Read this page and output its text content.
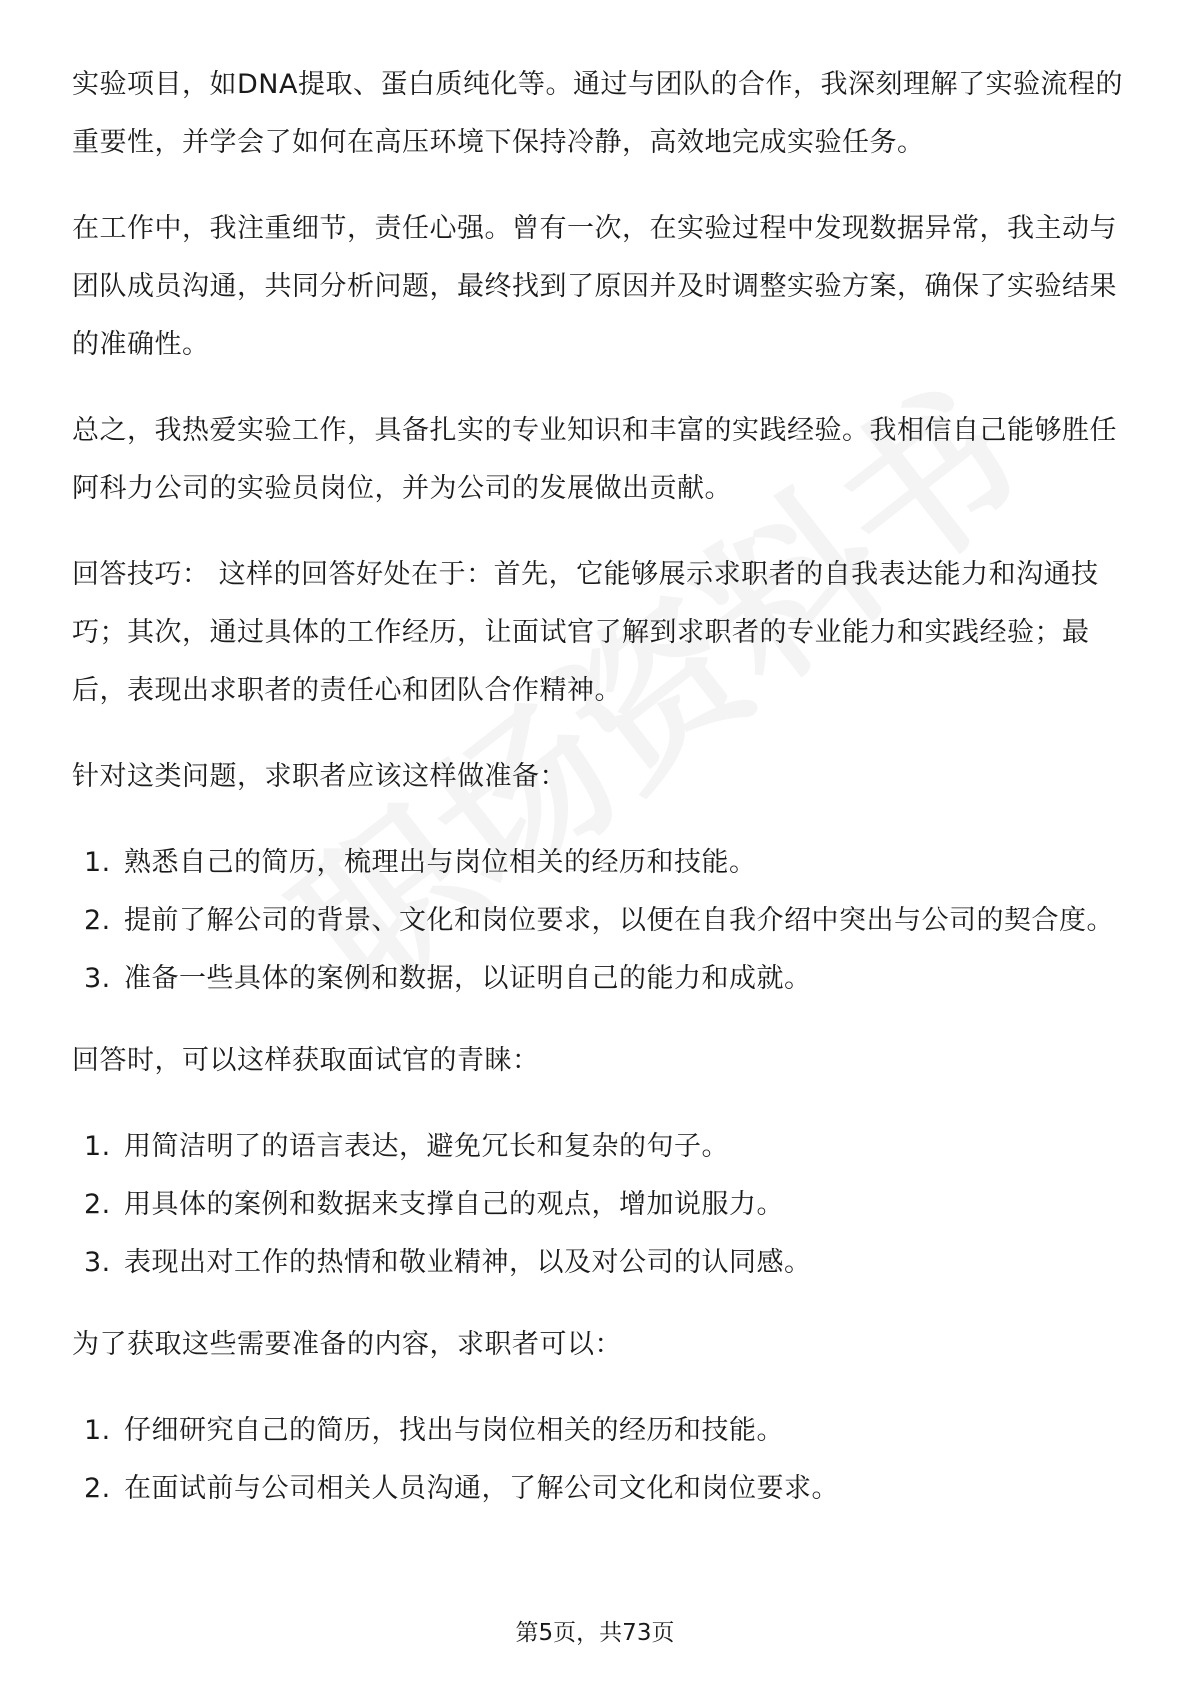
实验项目，如DNA提取、蛋白质纯化等。通过与团队的合作，我深刻理解了实验流程的重要性，并学会了如何在高压环境下保持冷静，高效地完成实验任务。

在工作中，我注重细节，责任心强。曾有一次，在实验过程中发现数据异常，我主动与团队成员沟通，共同分析问题，最终找到了原因并及时调整实验方案，确保了实验结果的准确性。

总之，我热爱实验工作，具备扎实的专业知识和丰富的实践经验。我相信自己能够胜任阿科力公司的实验员岗位，并为公司的发展做出贡献。

回答技巧： 这样的回答好处在于：首先，它能够展示求职者的自我表达能力和沟通技巧；其次，通过具体的工作经历，让面试官了解到求职者的专业能力和实践经验；最后，表现出求职者的责任心和团队合作精神。

针对这类问题，求职者应该这样做准备：

1. 熟悉自己的简历，梳理出与岗位相关的经历和技能。
2. 提前了解公司的背景、文化和岗位要求，以便在自我介绍中突出与公司的契合度。
3. 准备一些具体的案例和数据，以证明自己的能力和成就。

回答时，可以这样获取面试官的青睐：

1. 用简洁明了的语言表达，避免冗长和复杂的句子。
2. 用具体的案例和数据来支撑自己的观点，增加说服力。
3. 表现出对工作的热情和敬业精神，以及对公司的认同感。

为了获取这些需要准备的内容，求职者可以：

1. 仔细研究自己的简历，找出与岗位相关的经历和技能。
2. 在面试前与公司相关人员沟通，了解公司文化和岗位要求。
第5页，共73页
